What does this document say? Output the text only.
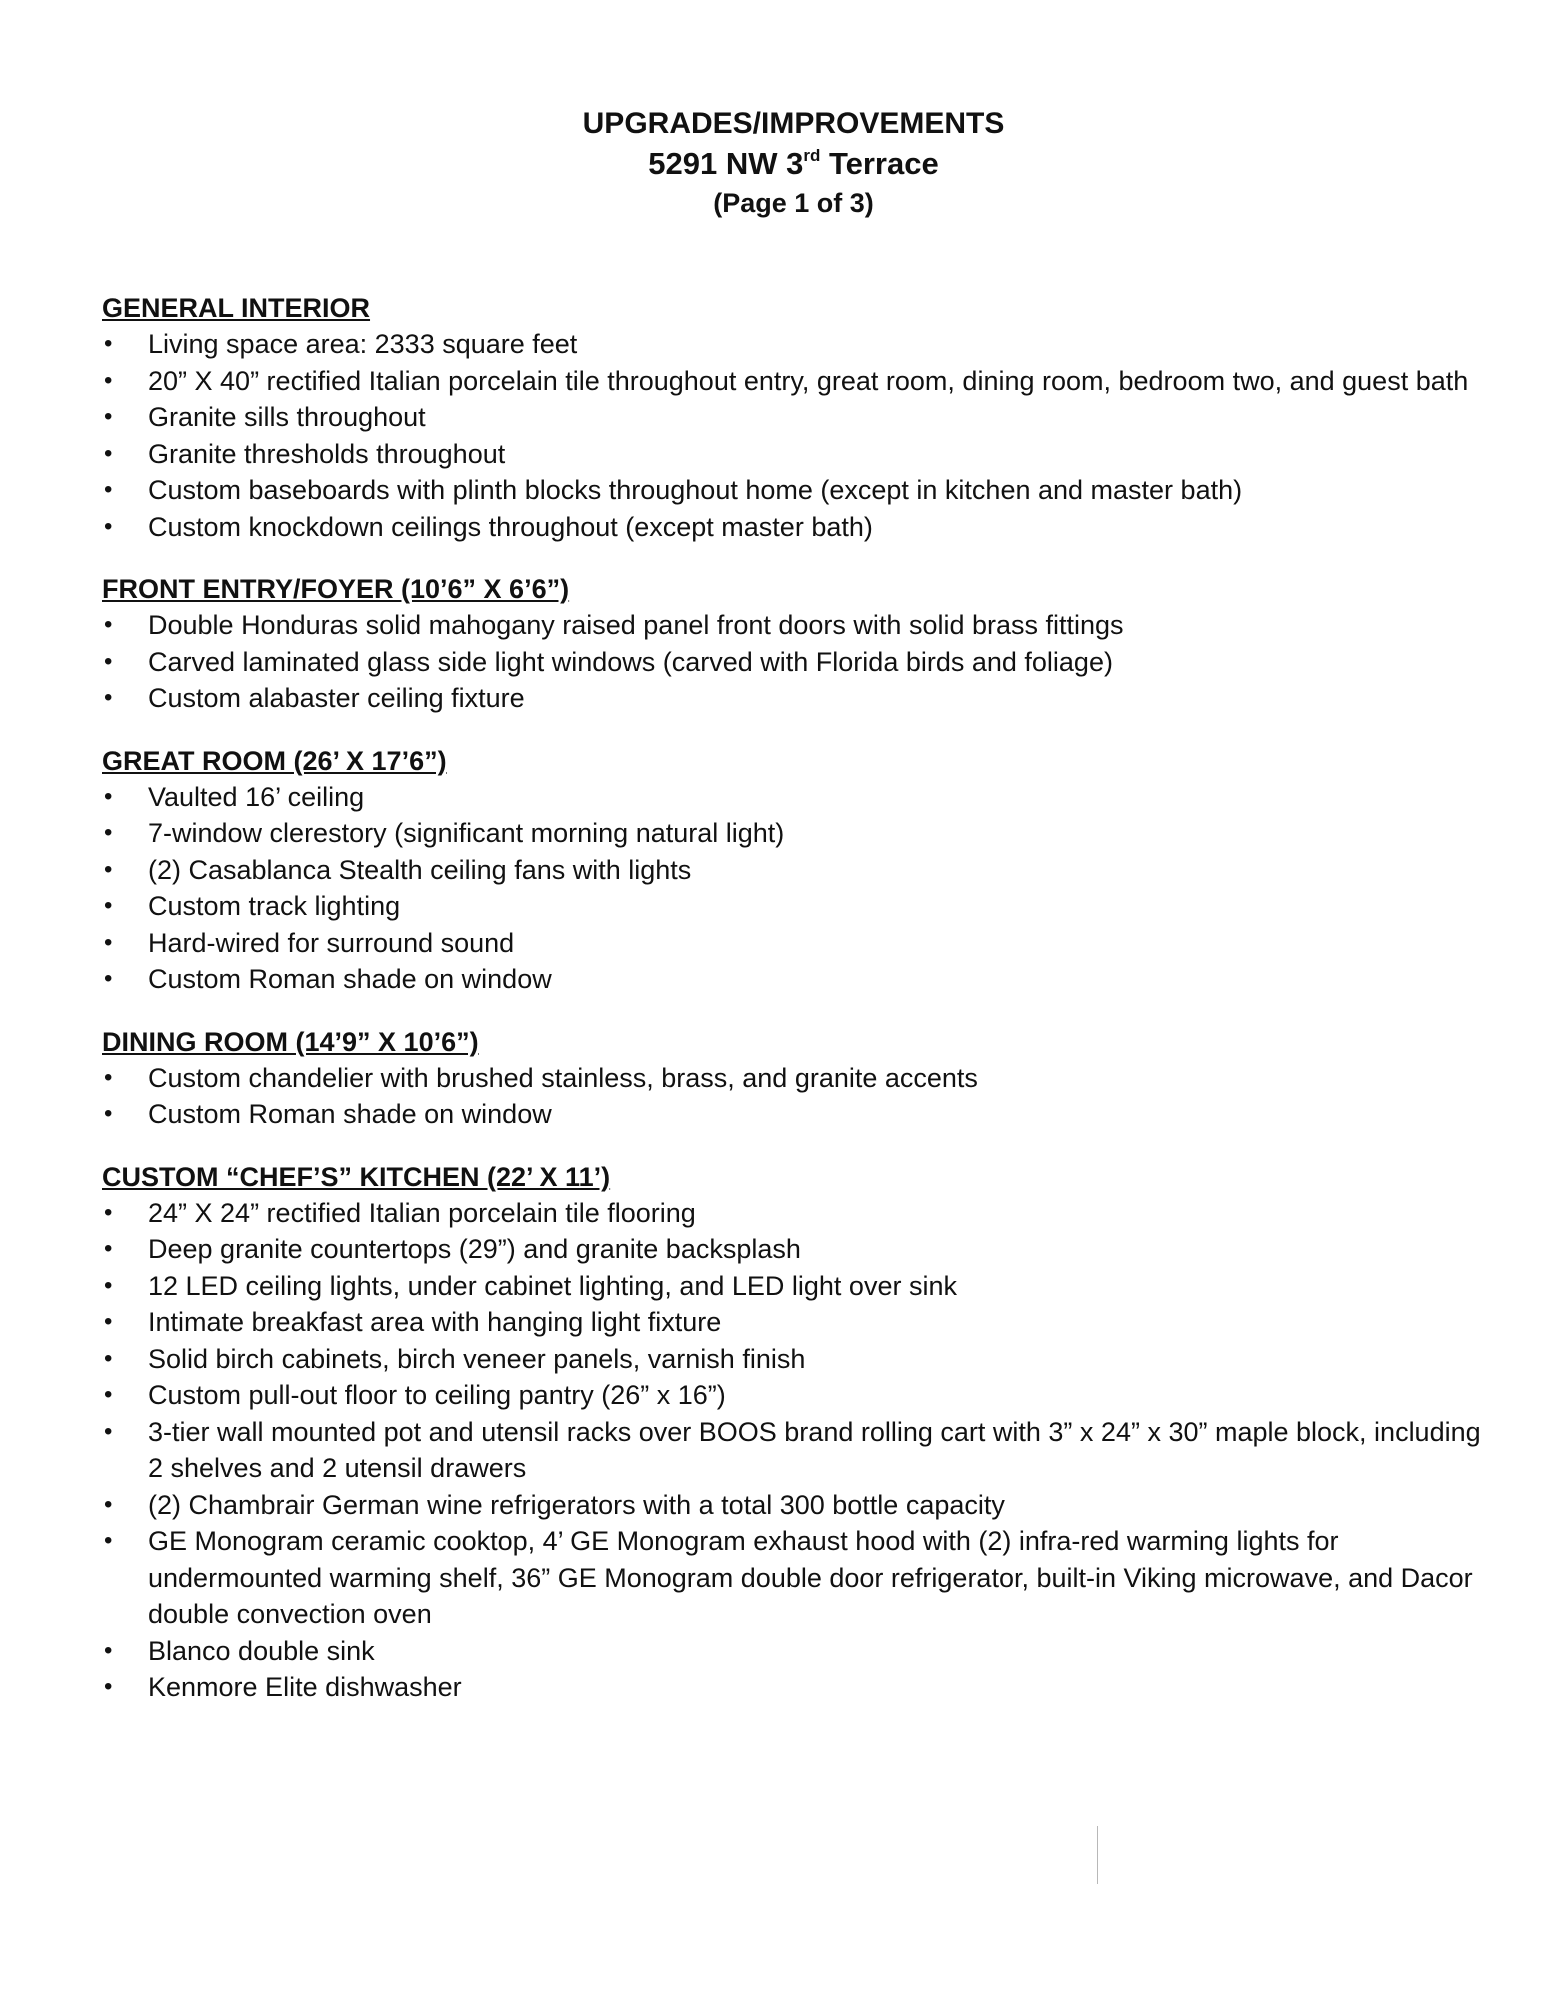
UPGRADES/IMPROVEMENTS
5291 NW 3rd Terrace
(Page 1 of 3)
GENERAL INTERIOR
• Living space area: 2333 square feet
• 20” X 40” rectified Italian porcelain tile throughout entry, great room, dining room, bedroom two, and guest bath
• Granite sills throughout
• Granite thresholds throughout
• Custom baseboards with plinth blocks throughout home (except in kitchen and master bath)
• Custom knockdown ceilings throughout (except master bath)
FRONT ENTRY/FOYER (10’6” X 6’6”)
• Double Honduras solid mahogany raised panel front doors with solid brass fittings
• Carved laminated glass side light windows (carved with Florida birds and foliage)
• Custom alabaster ceiling fixture
GREAT ROOM (26’ X 17’6”)
• Vaulted 16’ ceiling
• 7-window clerestory (significant morning natural light)
• (2) Casablanca Stealth ceiling fans with lights
• Custom track lighting
• Hard-wired for surround sound
• Custom Roman shade on window
DINING ROOM (14’9” X 10’6”)
• Custom chandelier with brushed stainless, brass, and granite accents
• Custom Roman shade on window
CUSTOM “CHEF’S” KITCHEN (22’ X 11’)
• 24” X 24” rectified Italian porcelain tile flooring
• Deep granite countertops (29”) and granite backsplash
• 12 LED ceiling lights, under cabinet lighting, and LED light over sink
• Intimate breakfast area with hanging light fixture
• Solid birch cabinets, birch veneer panels, varnish finish
• Custom pull-out floor to ceiling pantry (26” x 16”)
• 3-tier wall mounted pot and utensil racks over BOOS brand rolling cart with 3” x 24” x 30” maple block, including 2 shelves and 2 utensil drawers
• (2) Chambrair German wine refrigerators with a total 300 bottle capacity
• GE Monogram ceramic cooktop, 4’ GE Monogram exhaust hood with (2) infra-red warming lights for undermounted warming shelf, 36” GE Monogram double door refrigerator, built-in Viking microwave, and Dacor double convection oven
• Blanco double sink
• Kenmore Elite dishwasher
